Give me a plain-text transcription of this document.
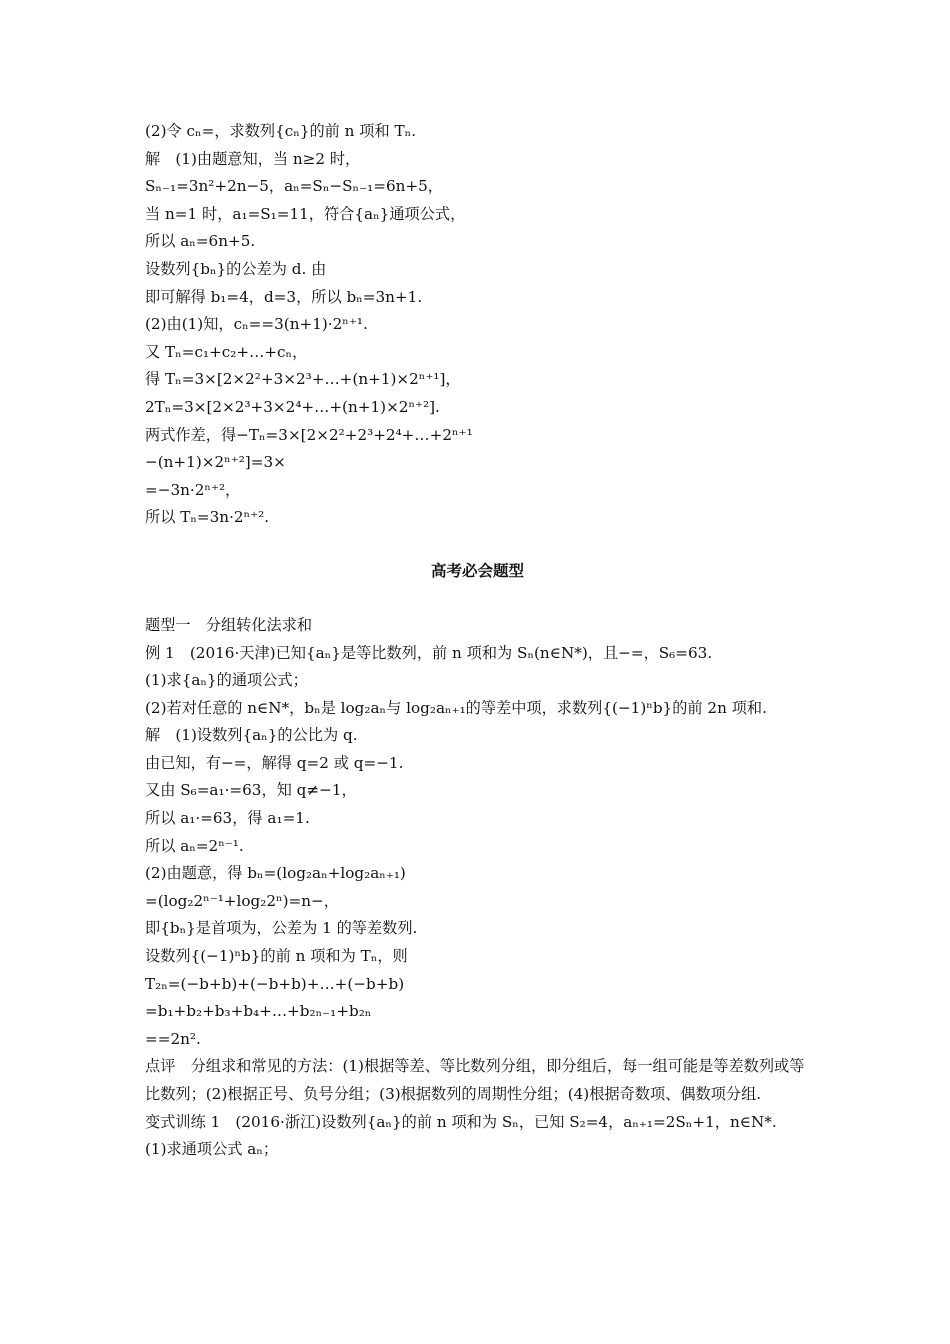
(2)令 cₙ=，求数列{cₙ}的前 n 项和 Tₙ.
解　(1)由题意知，当 n≥2 时，
Sₙ₋₁=3n²+2n−5，aₙ=Sₙ−Sₙ₋₁=6n+5，
当 n=1 时，a₁=S₁=11，符合{aₙ}通项公式，
所以 aₙ=6n+5.
设数列{bₙ}的公差为 d. 由
即可解得 b₁=4，d=3，所以 bₙ=3n+1.
(2)由(1)知，cₙ==3(n+1)·2ⁿ⁺¹.
又 Tₙ=c₁+c₂+…+cₙ，
得 Tₙ=3×[2×2²+3×2³+…+(n+1)×2ⁿ⁺¹]，
2Tₙ=3×[2×2³+3×2⁴+…+(n+1)×2ⁿ⁺²].
两式作差，得−Tₙ=3×[2×2²+2³+2⁴+…+2ⁿ⁺¹
−(n+1)×2ⁿ⁺²]=3×
=−3n·2ⁿ⁺²，
所以 Tₙ=3n·2ⁿ⁺².
高考必会题型
题型一　分组转化法求和
例 1　(2016·天津)已知{aₙ}是等比数列，前 n 项和为 Sₙ(n∈N*)，且−=，S₆=63.
(1)求{aₙ}的通项公式；
(2)若对任意的 n∈N*，bₙ是 log₂aₙ与 log₂aₙ₊₁的等差中项，求数列{(−1)ⁿb}的前 2n 项和.
解　(1)设数列{aₙ}的公比为 q.
由已知，有−=，解得 q=2 或 q=−1.
又由 S₆=a₁·=63，知 q≠−1，
所以 a₁·=63，得 a₁=1.
所以 aₙ=2ⁿ⁻¹.
(2)由题意，得 bₙ=(log₂aₙ+log₂aₙ₊₁)
=(log₂2ⁿ⁻¹+log₂2ⁿ)=n−，
即{bₙ}是首项为，公差为 1 的等差数列.
设数列{(−1)ⁿb}的前 n 项和为 Tₙ，则
T₂ₙ=(−b+b)+(−b+b)+…+(−b+b)
=b₁+b₂+b₃+b₄+…+b₂ₙ₋₁+b₂ₙ
==2n².
点评　分组求和常见的方法：(1)根据等差、等比数列分组，即分组后，每一组可能是等差数列或等比数列；(2)根据正号、负号分组；(3)根据数列的周期性分组；(4)根据奇数项、偶数项分组.
变式训练 1　(2016·浙江)设数列{aₙ}的前 n 项和为 Sₙ，已知 S₂=4，aₙ₊₁=2Sₙ+1，n∈N*.
(1)求通项公式 aₙ；
